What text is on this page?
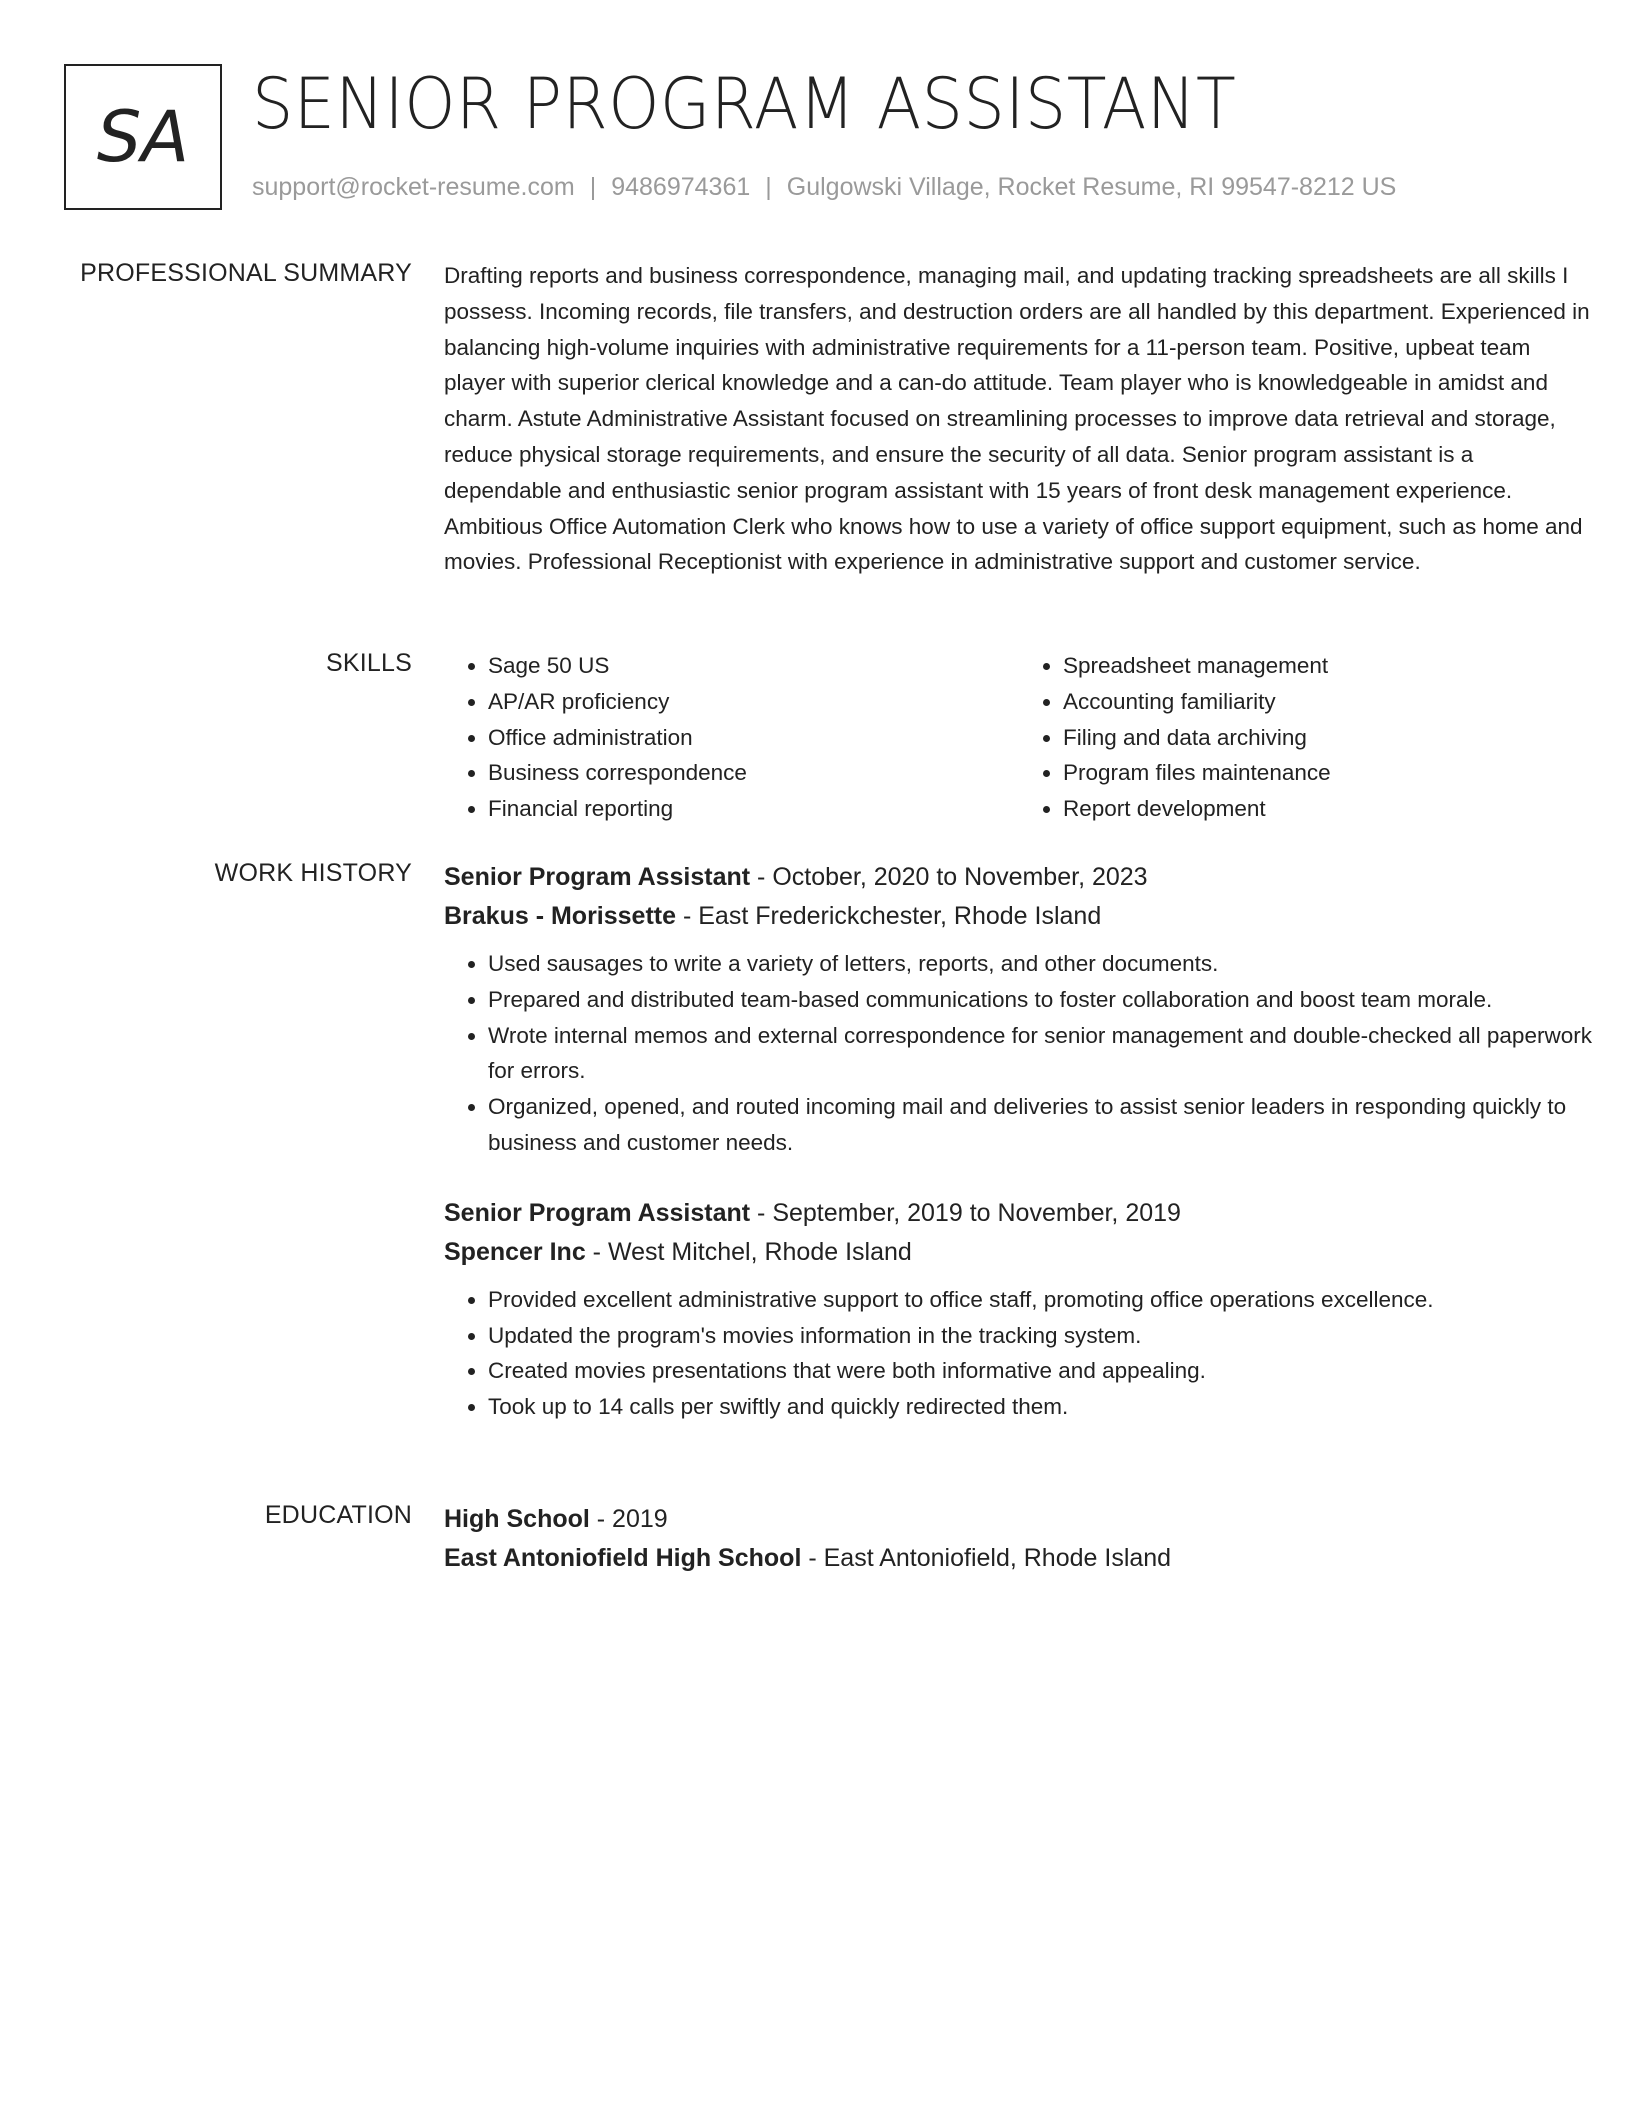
SA SENIOR PROGRAM ASSISTANT
support@rocket-resume.com | 9486974361 | Gulgowski Village, Rocket Resume, RI 99547-8212 US
PROFESSIONAL SUMMARY Drafting reports and business correspondence, managing mail, and updating tracking spreadsheets are all skills I possess. Incoming records, file transfers, and destruction orders are all handled by this department. Experienced in balancing high-volume inquiries with administrative requirements for a 11-person team. Positive, upbeat team player with superior clerical knowledge and a can-do attitude. Team player who is knowledgeable in amidst and charm. Astute Administrative Assistant focused on streamlining processes to improve data retrieval and storage, reduce physical storage requirements, and ensure the security of all data. Senior program assistant is a dependable and enthusiastic senior program assistant with 15 years of front desk management experience. Ambitious Office Automation Clerk who knows how to use a variety of office support equipment, such as home and movies. Professional Receptionist with experience in administrative support and customer service.

SKILLS
•	Sage 50 US
• AP/AR proficiency
• Office administration
• Business correspondence
• Financial reporting
• Spreadsheet management
• Accounting familiarity
• Filing and data archiving
• Program files maintenance
• Report development
WORK HISTORY Senior Program Assistant - October, 2020 to November, 2023
Brakus - Morissette - East Frederickchester, Rhode Island
• Used sausages to write a variety of letters, reports, and other documents.
• Prepared and distributed team-based communications to foster collaboration and boost team morale.
• Wrote internal memos and external correspondence for senior management and double-checked all paperwork for errors.
• Organized, opened, and routed incoming mail and deliveries to assist senior leaders in responding quickly to business and customer needs.
Senior Program Assistant - September, 2019 to November, 2019
Spencer Inc - West Mitchel, Rhode Island
• Provided excellent administrative support to office staff, promoting office operations excellence.
• Updated the program's movies information in the tracking system.
• Created movies presentations that were both informative and appealing.
• Took up to 14 calls per swiftly and quickly redirected them.
EDUCATION High School - 2019
East Antoniofield High School - East Antoniofield, Rhode Island
